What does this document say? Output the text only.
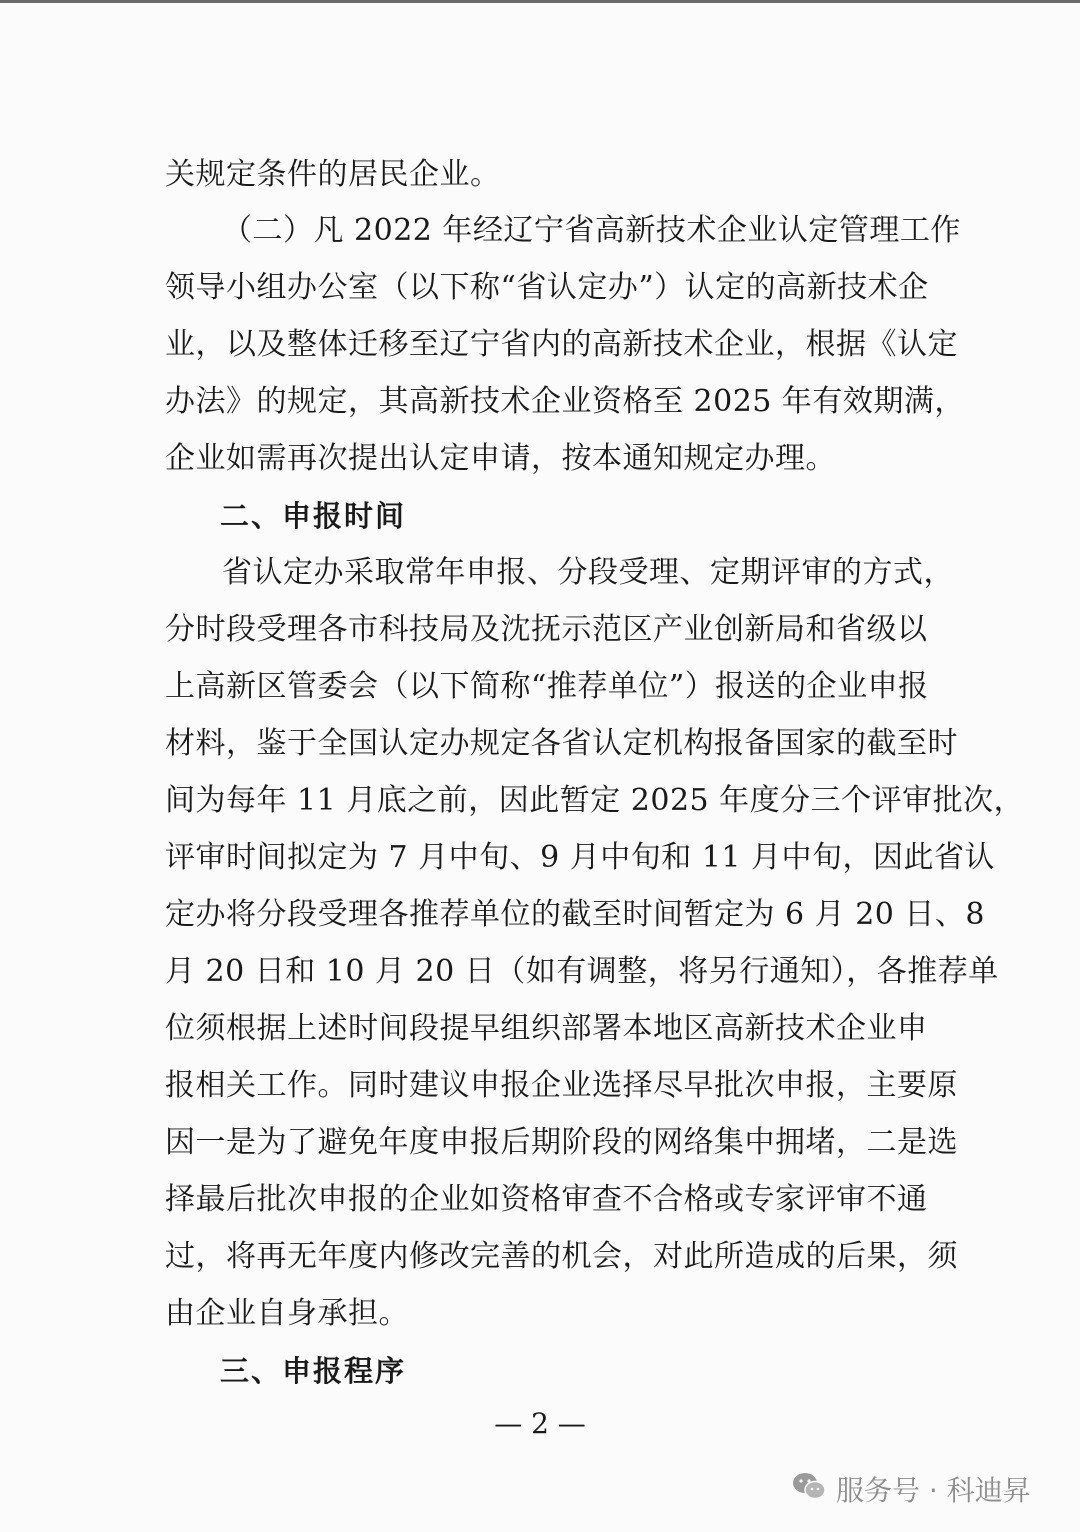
关规定条件的居民企业。
（二）凡 2022 年经辽宁省高新技术企业认定管理工作
领导小组办公室（以下称“省认定办”）认定的高新技术企
业，以及整体迁移至辽宁省内的高新技术企业，根据《认定
办法》的规定，其高新技术企业资格至 2025 年有效期满，
企业如需再次提出认定申请，按本通知规定办理。
二、申报时间
省认定办采取常年申报、分段受理、定期评审的方式，
分时段受理各市科技局及沈抚示范区产业创新局和省级以
上高新区管委会（以下简称“推荐单位”）报送的企业申报
材料，鉴于全国认定办规定各省认定机构报备国家的截至时
间为每年 11 月底之前，因此暂定 2025 年度分三个评审批次，
评审时间拟定为 7 月中旬、9 月中旬和 11 月中旬，因此省认
定办将分段受理各推荐单位的截至时间暂定为 6 月 20 日、8
月 20 日和 10 月 20 日（如有调整，将另行通知），各推荐单
位须根据上述时间段提早组织部署本地区高新技术企业申
报相关工作。同时建议申报企业选择尽早批次申报，主要原
因一是为了避免年度申报后期阶段的网络集中拥堵，二是选
择最后批次申报的企业如资格审查不合格或专家评审不通
过，将再无年度内修改完善的机会，对此所造成的后果，须
由企业自身承担。
三、申报程序
— 2 —
服务号 · 科迪昇
